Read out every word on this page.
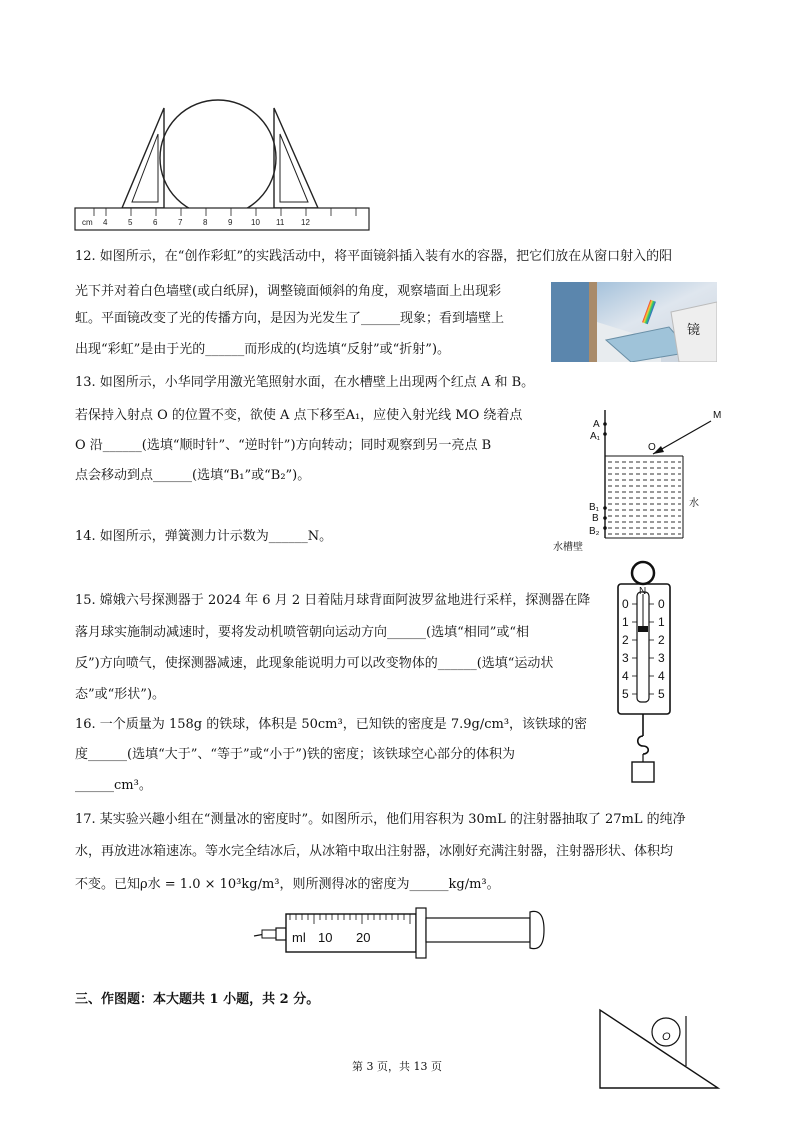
cm 4	5	6	7	8	9 10 11 12
12. 如图所示，在“创作彩虹”的实践活动中，将平面镜斜插入装有水的容器，把它们放在从窗口射入的阳
光下并对着白色墙壁(或白纸屏)，调整镜面倾斜的角度，观察墙面上出现彩
虹。平面镜改变了光的传播方向，是因为光发生了______现象；看到墙壁上
出现“彩虹”是由于光的______而形成的(均选填“反射”或“折射”)。
镜
13. 如图所示，小华同学用激光笔照射水面，在水槽壁上出现两个红点 A 和 B。
若保持入射点 O 的位置不变，欲使 A 点下移至A₁，应使入射光线 MO 绕着点
O 沿______(选填“顺时针”、“逆时针”)方向转动；同时观察到另一亮点 B
点会移动到点______(选填“B₁”或“B₂”)。
A
A₁
M
O
B₁
B
B₂
水
水槽壁
14. 如图所示，弹簧测力计示数为______N。
15. 嫦娥六号探测器于 2024 年 6 月 2 日着陆月球背面阿波罗盆地进行采样，探测器在降
落月球实施制动减速时，要将发动机喷管朝向运动方向______(选填“相同”或“相
反”)方向喷气，使探测器减速，此现象能说明力可以改变物体的______(选填“运动状
态”或“形状”)。
N
0
1
2
3
4
5
0
1
2
3
4
5
16. 一个质量为 158g 的铁球，体积是 50cm³，已知铁的密度是 7.9g/cm³，该铁球的密
度______(选填“大于”、“等于”或“小于”)铁的密度；该铁球空心部分的体积为
______cm³。
17. 某实验兴趣小组在“测量冰的密度时”。如图所示，他们用容积为 30mL 的注射器抽取了 27mL 的纯净
水，再放进冰箱速冻。等水完全结冰后，从冰箱中取出注射器，冰刚好充满注射器，注射器形状、体积均
不变。已知ρ水 = 1.0 × 10³kg/m³，则所测得冰的密度为______kg/m³。
ml 10 20
三、作图题：本大题共 1 小题，共 2 分。
O
第 3 页，共 13 页
